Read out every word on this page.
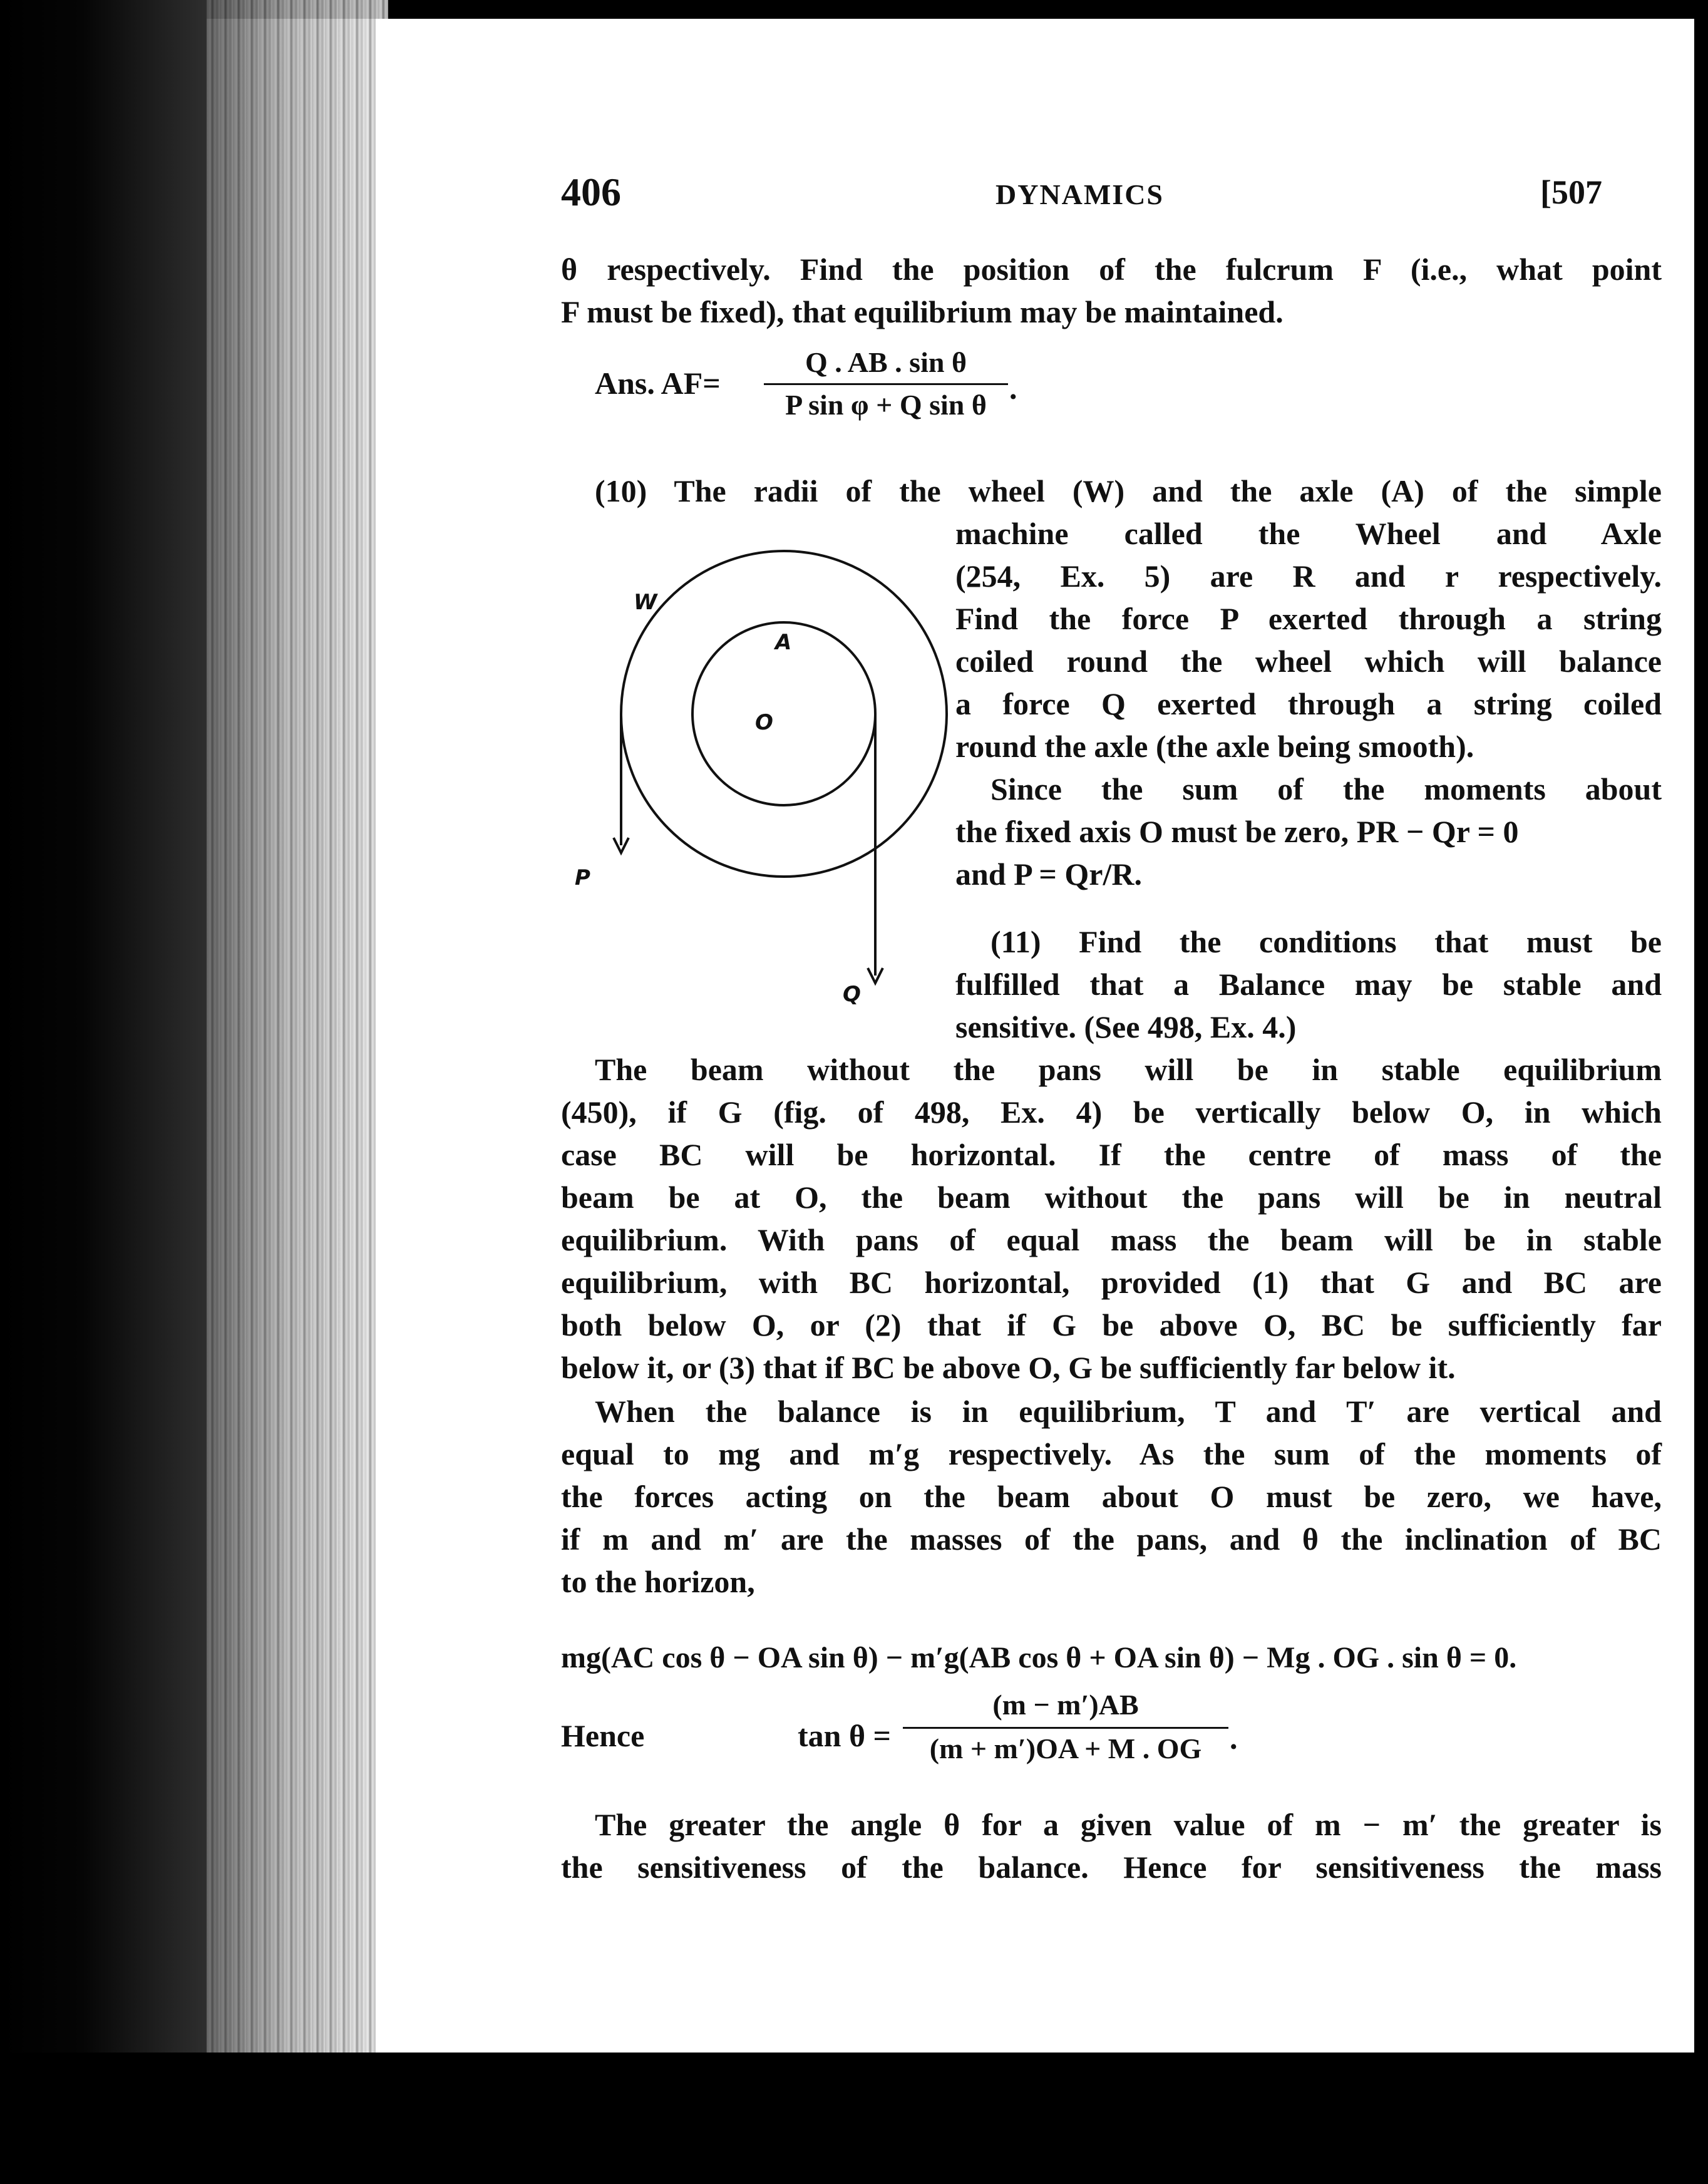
406	DYNAMICS	[507
θ respectively. Find the position of the fulcrum F (i.e., what point
F must be fixed), that equilibrium may be maintained.
Ans. AF=
Q . AB . sin θ
P sin φ + Q sin θ .
(10) The radii of the wheel (W) and the axle (A) of the simple
machine called the Wheel and Axle
(254, Ex. 5) are R and r respectively.
Find the force P exerted through a string
coiled round the wheel which will balance
a force Q exerted through a string coiled
round the axle (the axle being smooth).
Since the sum of the moments about
the fixed axis O must be zero, PR − Qr = 0
and P = Qr/R.
W
A
O
P
Q
(11) Find the conditions that must be
fulfilled that a Balance may be stable and
sensitive. (See 498, Ex. 4.)
The beam without the pans will be in stable equilibrium
(450), if G (fig. of 498, Ex. 4) be vertically below O, in which
case BC will be horizontal. If the centre of mass of the
beam be at O, the beam without the pans will be in neutral
equilibrium. With pans of equal mass the beam will be in stable
equilibrium, with BC horizontal, provided (1) that G and BC are
both below O, or (2) that if G be above O, BC be sufficiently far
below it, or (3) that if BC be above O, G be sufficiently far below it.
When the balance is in equilibrium, T and T′ are vertical and
equal to mg and m′g respectively. As the sum of the moments of
the forces acting on the beam about O must be zero, we have,
if m and m′ are the masses of the pans, and θ the inclination of BC
to the horizon,
mg(AC cos θ − OA sin θ) − m′g(AB cos θ + OA sin θ) − Mg . OG . sin θ = 0.
Hence	tan θ =
(m − m′)AB
(m + m′)OA + M . OG .
The greater the angle θ for a given value of m − m′ the greater is
the sensitiveness of the balance. Hence for sensitiveness the mass
